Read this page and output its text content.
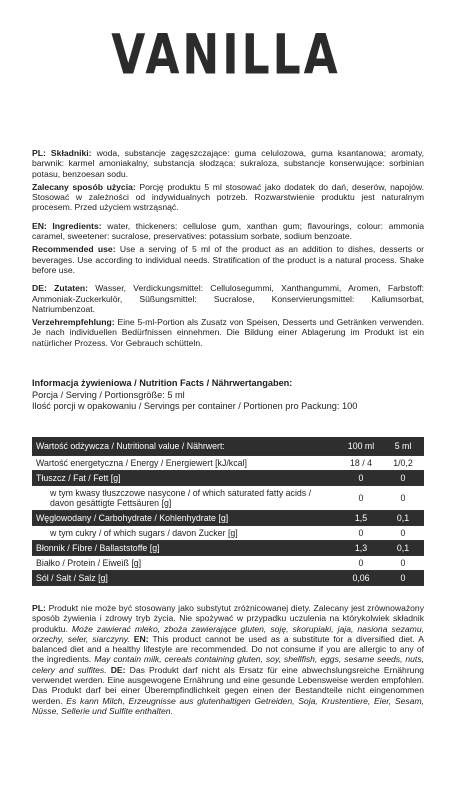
VANILLA

PL: Składniki: woda, substancje zagęszczające: guma celulozowa, guma ksantanowa; aromaty, barwnik: karmel amoniakalny, substancja słodząca: sukraloza, substancje konserwujące: sorbinian potasu, benzoesan sodu.

Zalecany sposób użycia: Porcję produktu 5 ml stosować jako dodatek do dań, deserów, napojów. Stosować w zależności od indywidualnych potrzeb. Rozwarstwienie produktu jest naturalnym procesem. Przed użyciem wstrząsnąć.

EN: Ingredients: water, thickeners: cellulose gum, xanthan gum; flavourings, colour: ammonia caramel, sweetener: sucralose, preservatives: potassium sorbate, sodium benzoate.

Recommended use: Use a serving of 5 ml of the product as an addition to dishes, desserts or beverages. Use according to individual needs. Stratification of the product is a natural process. Shake before use.

DE: Zutaten: Wasser, Verdickungsmittel: Cellulosegummi, Xanthangummi, Aromen, Farbstoff: Ammoniak-Zuckerkulör, Süßungsmittel: Sucralose, Konservierungsmittel: Kaliumsorbat, Natriumbenzoat.

Verzehrempfehlung: Eine 5-ml-Portion als Zusatz von Speisen, Desserts und Getränken verwenden. Je nach individuellen Bedürfnissen einnehmen. Die Bildung einer Ablagerung im Produkt ist ein natürlicher Prozess. Vor Gebrauch schütteln.

Informacja żywieniowa / Nutrition Facts / Nährwertangaben:
Porcja / Serving / Portionsgröße: 5 ml
Ilość porcji w opakowaniu / Servings per container / Portionen pro Packung: 100
Wartość odżywcza / Nutritional value / Nährwert:	100 ml	5 ml
Wartość energetyczna / Energy / Energiewert [kJ/kcal]	18 / 4	1/0,2
Tłuszcz / Fat / Fett [g]	0	0
w tym kwasy tłuszczowe nasycone / of which saturated fatty acids / davon gesättigte Fettsäuren [g]	0	0
Węglowodany / Carbohydrate / Kohlenhydrate [g]	1,5	0,1
w tym cukry / of which sugars / davon Zucker [g]	0	0
Błonnik / Fibre / Ballaststoffe [g]	1,3	0,1
Białko / Protein / Eiweiß [g]	0	0
Sól / Salt / Salz [g]	0,06	0

PL: Produkt nie może być stosowany jako substytut zróżnicowanej diety. Zalecany jest zrównoważony sposób żywienia i zdrowy tryb życia. Nie spożywać w przypadku uczulenia na którykolwiek składnik produktu. Może zawierać mleko, zboża zawierające gluten, soję, skorupiaki, jaja, nasiona sezamu, orzechy, seler, siarczyny. EN: This product cannot be used as a substitute for a diversified diet. A balanced diet and a healthy lifestyle are recommended. Do not consume if you are allergic to any of the ingredients. May contain milk, cereals containing gluten, soy, shellfish, eggs, sesame seeds, nuts, celery and sulfites. DE: Das Produkt darf nicht als Ersatz für eine abwechslungsreiche Ernährung verwendet werden. Eine ausgewogene Ernährung und eine gesunde Lebensweise werden empfohlen. Das Produkt darf bei einer Überempfindlichkeit gegen einen der Bestandteile nicht eingenommen werden. Es kann Milch, Erzeugnisse aus glutenhaltigen Getreiden, Soja, Krustentiere, Eier, Sesam, Nüsse, Sellerie und Sulfite enthalten.
